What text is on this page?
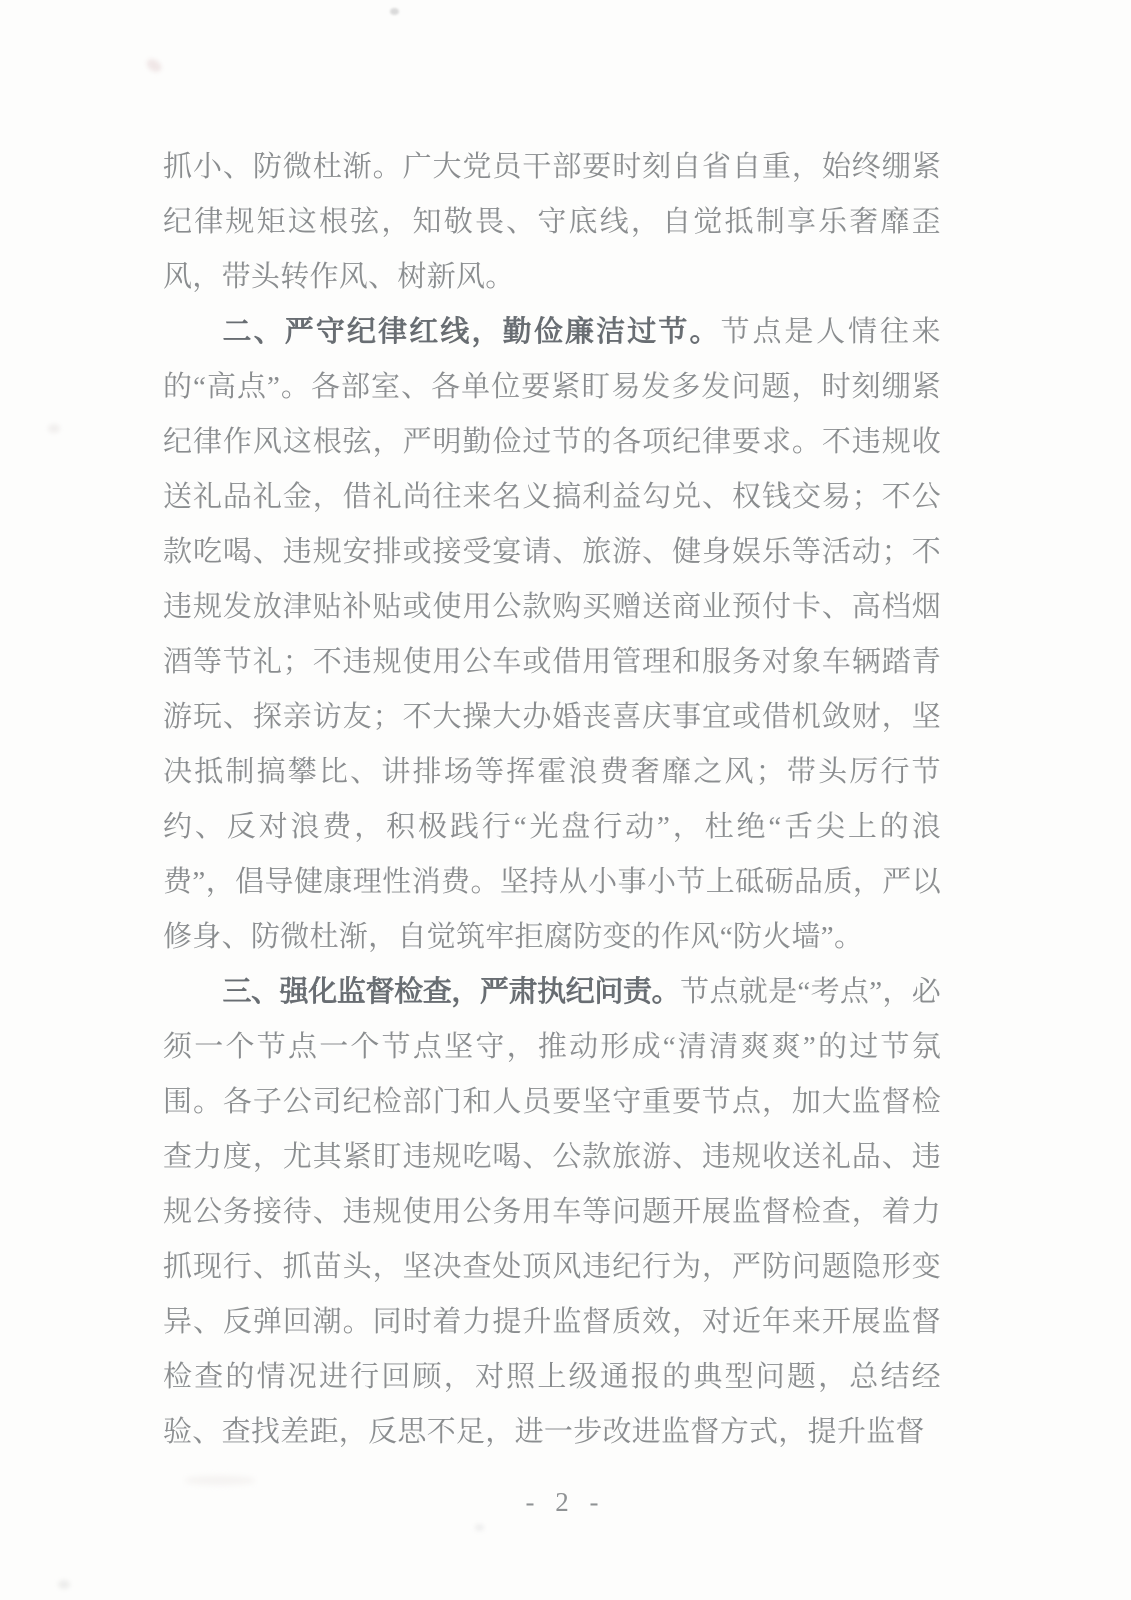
抓小、防微杜渐。广大党员干部要时刻自省自重，始终绷紧纪律规矩这根弦，知敬畏、守底线，自觉抵制享乐奢靡歪风，带头转作风、树新风。

二、严守纪律红线，勤俭廉洁过节。节点是人情往来的“高点”。各部室、各单位要紧盯易发多发问题，时刻绷紧纪律作风这根弦，严明勤俭过节的各项纪律要求。不违规收送礼品礼金，借礼尚往来名义搞利益勾兑、权钱交易；不公款吃喝、违规安排或接受宴请、旅游、健身娱乐等活动；不违规发放津贴补贴或使用公款购买赠送商业预付卡、高档烟酒等节礼；不违规使用公车或借用管理和服务对象车辆踏青游玩、探亲访友；不大操大办婚丧喜庆事宜或借机敛财，坚决抵制搞攀比、讲排场等挥霍浪费奢靡之风；带头厉行节约、反对浪费，积极践行“光盘行动”，杜绝“舌尖上的浪费”，倡导健康理性消费。坚持从小事小节上砥砺品质，严以修身、防微杜渐，自觉筑牢拒腐防变的作风“防火墙”。

三、强化监督检查，严肃执纪问责。节点就是“考点”，必须一个节点一个节点坚守，推动形成“清清爽爽”的过节氛围。各子公司纪检部门和人员要坚守重要节点，加大监督检查力度，尤其紧盯违规吃喝、公款旅游、违规收送礼品、违规公务接待、违规使用公务用车等问题开展监督检查，着力抓现行、抓苗头，坚决查处顶风违纪行为，严防问题隐形变异、反弹回潮。同时着力提升监督质效，对近年来开展监督检查的情况进行回顾，对照上级通报的典型问题，总结经验、查找差距，反思不足，进一步改进监督方式，提升监督

- 2 -
